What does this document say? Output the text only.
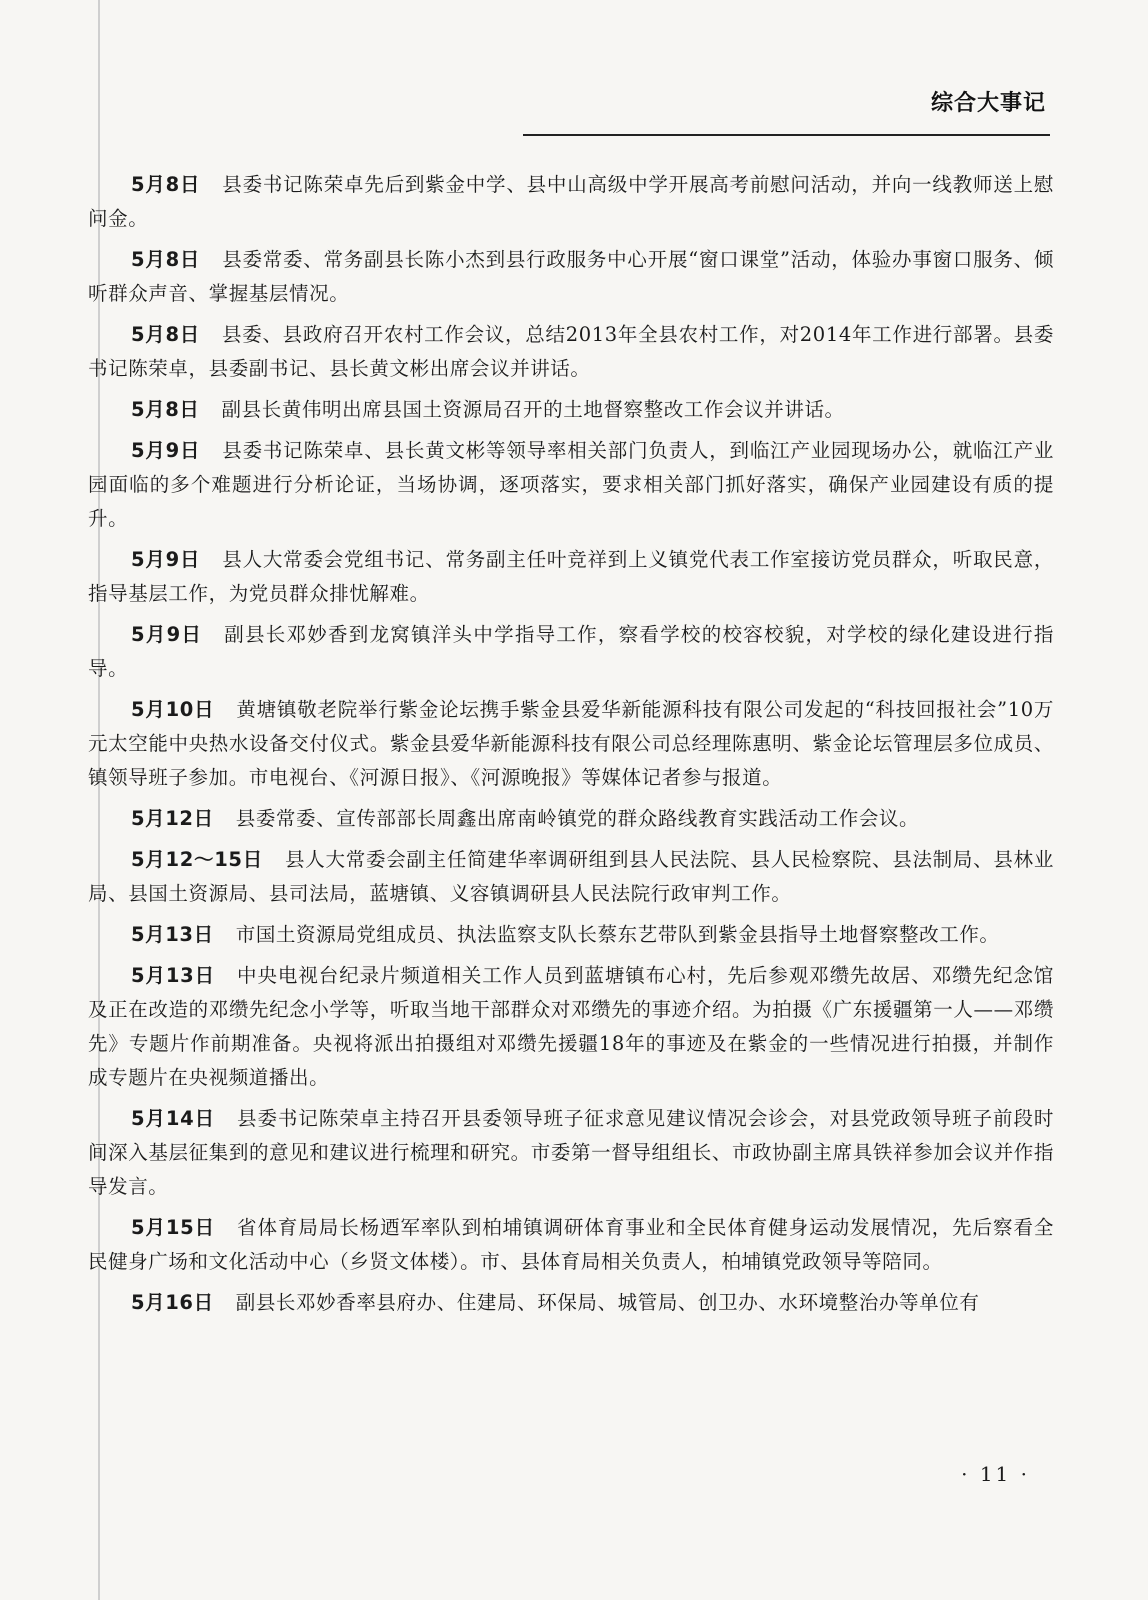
综合大事记

5月8日 县委书记陈荣卓先后到紫金中学、县中山高级中学开展高考前慰问活动，并向一线教师送上慰问金。

5月8日 县委常委、常务副县长陈小杰到县行政服务中心开展“窗口课堂”活动，体验办事窗口服务、倾听群众声音、掌握基层情况。

5月8日 县委、县政府召开农村工作会议，总结2013年全县农村工作，对2014年工作进行部署。县委书记陈荣卓，县委副书记、县长黄文彬出席会议并讲话。

5月8日 副县长黄伟明出席县国土资源局召开的土地督察整改工作会议并讲话。

5月9日 县委书记陈荣卓、县长黄文彬等领导率相关部门负责人，到临江产业园现场办公，就临江产业园面临的多个难题进行分析论证，当场协调，逐项落实，要求相关部门抓好落实，确保产业园建设有质的提升。

5月9日 县人大常委会党组书记、常务副主任叶竞祥到上义镇党代表工作室接访党员群众，听取民意，指导基层工作，为党员群众排忧解难。

5月9日 副县长邓妙香到龙窝镇洋头中学指导工作，察看学校的校容校貌，对学校的绿化建设进行指导。

5月10日 黄塘镇敬老院举行紫金论坛携手紫金县爱华新能源科技有限公司发起的“科技回报社会”10万元太空能中央热水设备交付仪式。紫金县爱华新能源科技有限公司总经理陈惠明、紫金论坛管理层多位成员、镇领导班子参加。市电视台、《河源日报》、《河源晚报》等媒体记者参与报道。

5月12日 县委常委、宣传部部长周鑫出席南岭镇党的群众路线教育实践活动工作会议。

5月12～15日 县人大常委会副主任简建华率调研组到县人民法院、县人民检察院、县法制局、县林业局、县国土资源局、县司法局，蓝塘镇、义容镇调研县人民法院行政审判工作。

5月13日 市国土资源局党组成员、执法监察支队长蔡东艺带队到紫金县指导土地督察整改工作。

5月13日 中央电视台纪录片频道相关工作人员到蓝塘镇布心村，先后参观邓缵先故居、邓缵先纪念馆及正在改造的邓缵先纪念小学等，听取当地干部群众对邓缵先的事迹介绍。为拍摄《广东援疆第一人——邓缵先》专题片作前期准备。央视将派出拍摄组对邓缵先援疆18年的事迹及在紫金的一些情况进行拍摄，并制作成专题片在央视频道播出。

5月14日 县委书记陈荣卓主持召开县委领导班子征求意见建议情况会诊会，对县党政领导班子前段时间深入基层征集到的意见和建议进行梳理和研究。市委第一督导组组长、市政协副主席具铁祥参加会议并作指导发言。

5月15日 省体育局局长杨迺军率队到柏埔镇调研体育事业和全民体育健身运动发展情况，先后察看全民健身广场和文化活动中心（乡贤文体楼）。市、县体育局相关负责人，柏埔镇党政领导等陪同。

5月16日 副县长邓妙香率县府办、住建局、环保局、城管局、创卫办、水环境整治办等单位有

· 11 ·
